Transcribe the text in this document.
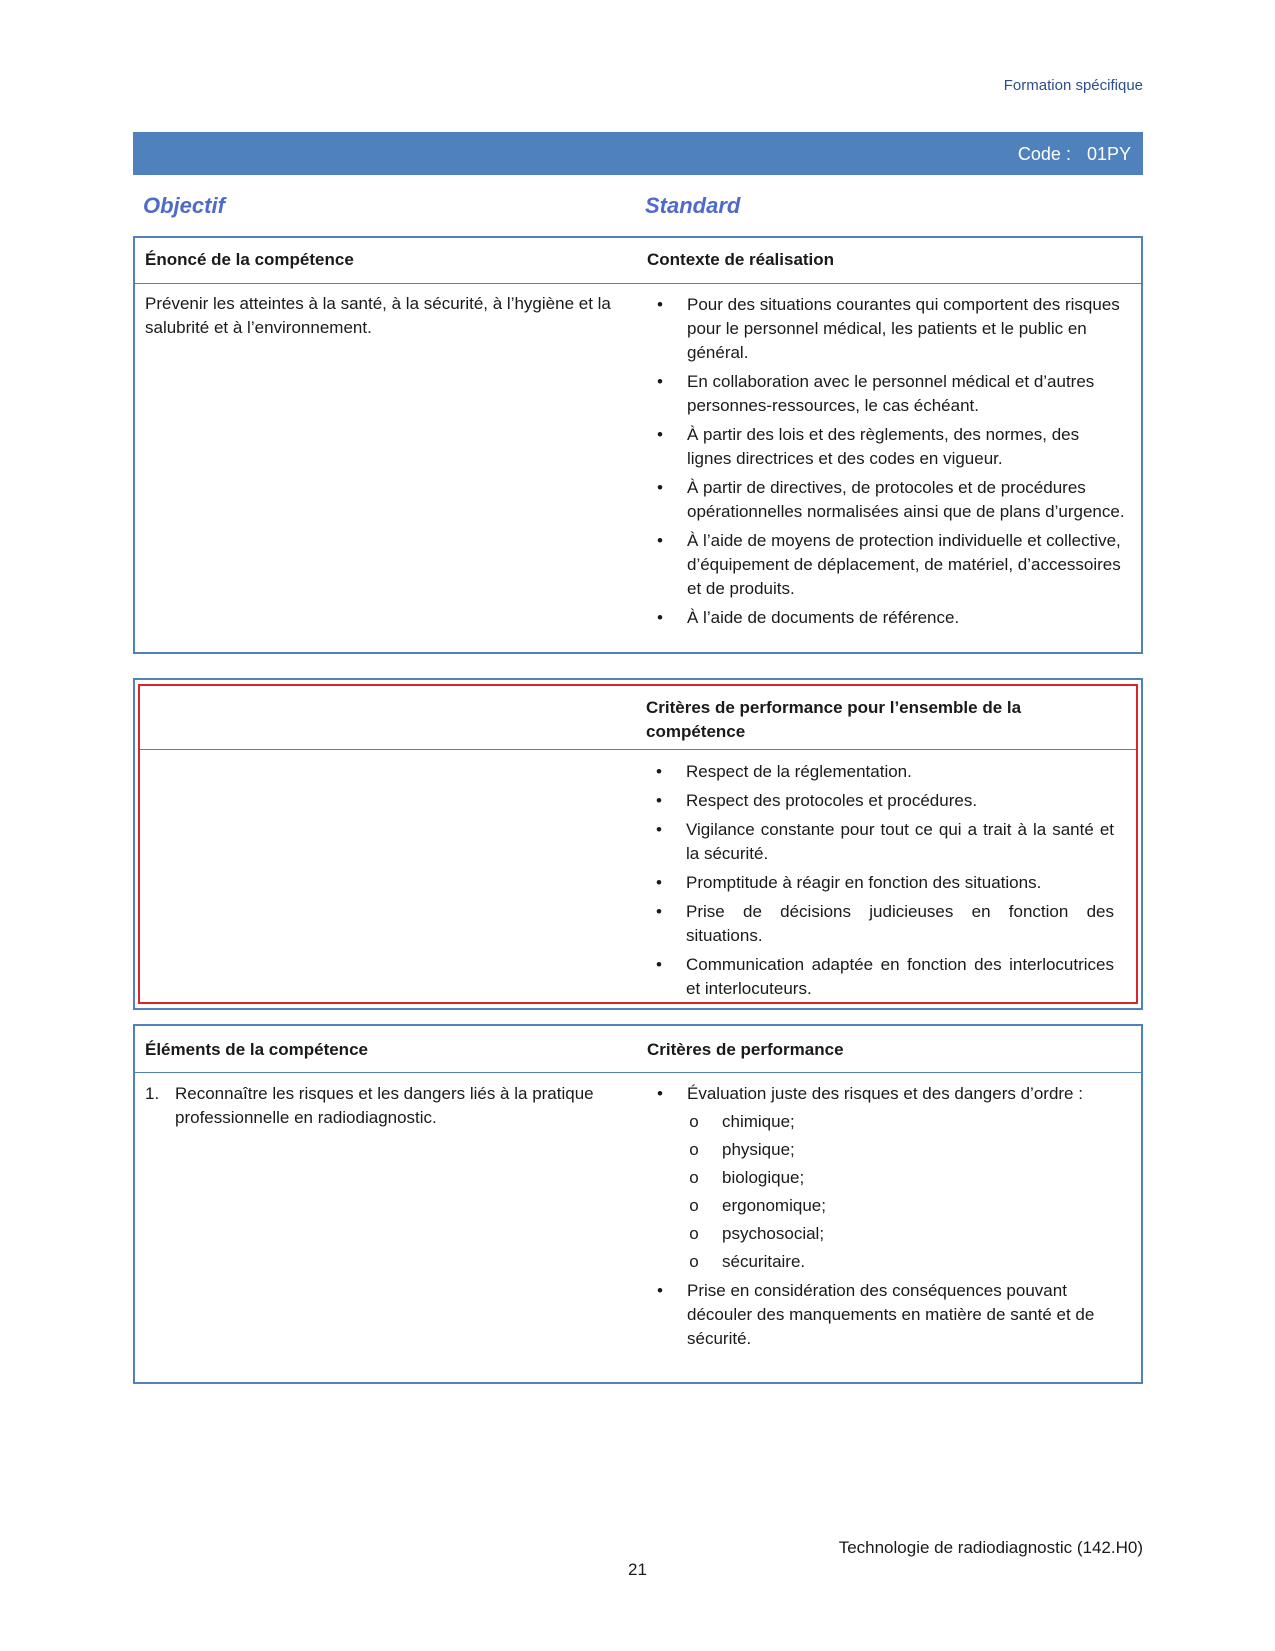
Formation spécifique
Code : 01PY
Objectif	Standard
Énoncé de la compétence	Contexte de réalisation
Prévenir les atteintes à la santé, à la sécurité, à l’hygiène et la salubrité et à l’environnement.
•	Pour des situations courantes qui comportent des risques pour le personnel médical, les patients et le public en général.
•	En collaboration avec le personnel médical et d’autres personnes-ressources, le cas échéant.
•	À partir des lois et des règlements, des normes, des lignes directrices et des codes en vigueur.
•	À partir de directives, de protocoles et de procédures opérationnelles normalisées ainsi que de plans d’urgence.
•	À l’aide de moyens de protection individuelle et collective, d’équipement de déplacement, de matériel, d’accessoires et de produits.
•	À l’aide de documents de référence.
Critères de performance pour l’ensemble de la compétence
•	Respect de la réglementation.
•	Respect des protocoles et procédures.
•	Vigilance constante pour tout ce qui a trait à la santé et la sécurité.
•	Promptitude à réagir en fonction des situations.
•	Prise de décisions judicieuses en fonction des situations.
•	Communication adaptée en fonction des interlocutrices et interlocuteurs.
Éléments de la compétence	Critères de performance
1. Reconnaître les risques et les dangers liés à la pratique professionnelle en radiodiagnostic.
•	Évaluation juste des risques et des dangers d’ordre :
o chimique;
o physique;
o biologique;
o ergonomique;
o psychosocial;
o sécuritaire.
•	Prise en considération des conséquences pouvant découler des manquements en matière de santé et de sécurité.
Technologie de radiodiagnostic (142.H0)
21
